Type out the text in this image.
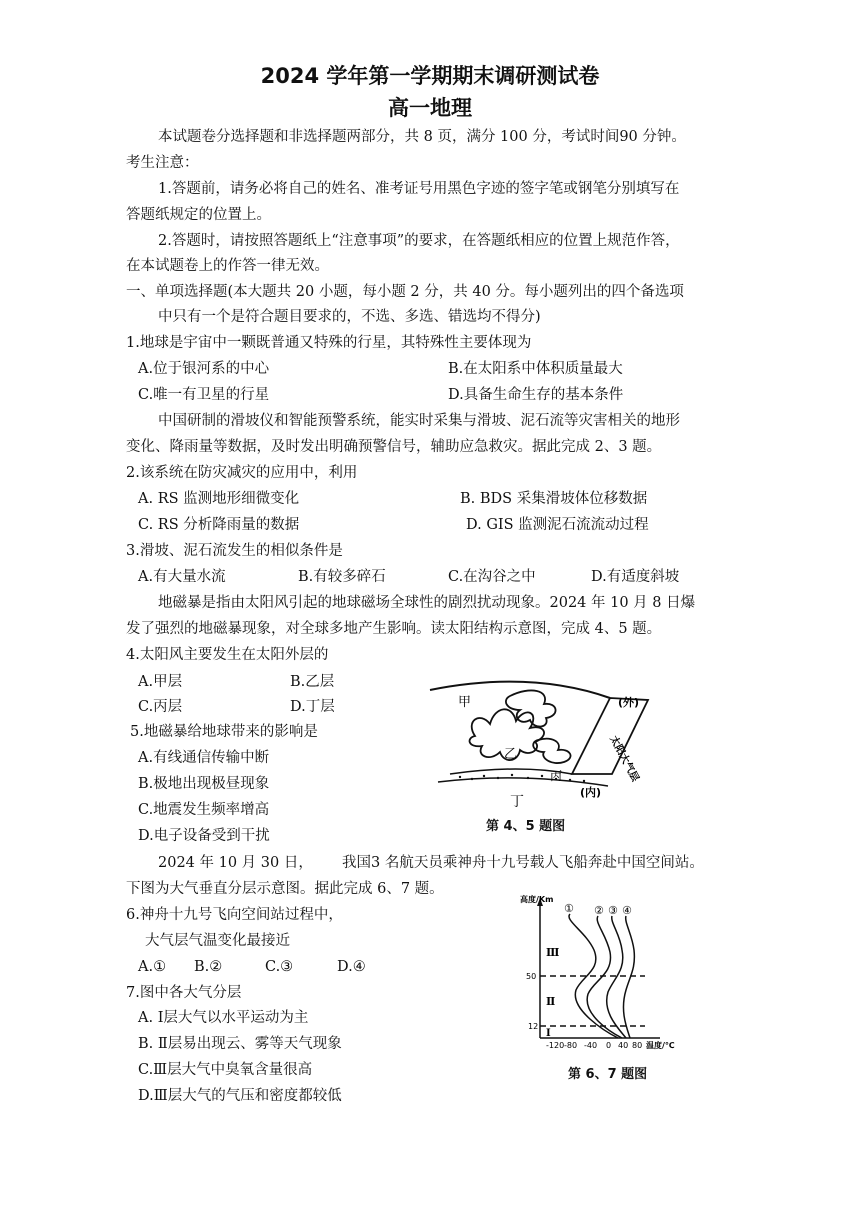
2024 学年第一学期期末调研测试卷
高一地理
本试题卷分选择题和非选择题两部分，共 8 页，满分 100 分，考试时间90 分钟。
考生注意：
1.答题前，请务必将自己的姓名、准考证号用黑色字迹的签字笔或钢笔分别填写在
答题纸规定的位置上。
2.答题时，请按照答题纸上“注意事项”的要求，在答题纸相应的位置上规范作答，
在本试题卷上的作答一律无效。
一、单项选择题(本大题共 20 小题，每小题 2 分，共 40 分。每小题列出的四个备选项
中只有一个是符合题目要求的，不选、多选、错选均不得分)
1.地球是宇宙中一颗既普通又特殊的行星，其特殊性主要体现为
A.位于银河系的中心	B.在太阳系中体积质量最大
C.唯一有卫星的行星	D.具备生命生存的基本条件
中国研制的滑坡仪和智能预警系统，能实时采集与滑坡、泥石流等灾害相关的地形
变化、降雨量等数据，及时发出明确预警信号，辅助应急救灾。据此完成 2、3 题。
2.该系统在防灾减灾的应用中，利用
A. RS 监测地形细微变化	B. BDS 采集滑坡体位移数据
C. RS 分析降雨量的数据	D. GIS 监测泥石流流动过程
3.滑坡、泥石流发生的相似条件是
A.有大量水流	B.有较多碎石	C.在沟谷之中	D.有适度斜坡
地磁暴是指由太阳风引起的地球磁场全球性的剧烈扰动现象。2024 年 10 月 8 日爆
发了强烈的地磁暴现象，对全球多地产生影响。读太阳结构示意图，完成 4、5 题。
4.太阳风主要发生在太阳外层的
A.甲层	B.乙层
C.丙层	D.丁层
5.地磁暴给地球带来的影响是
A.有线通信传输中断
B.极地出现极昼现象
C.地震发生频率增高
D.电子设备受到干扰
甲
乙
丙
丁
(外)
(内)
太阳大气层
第 4、5 题图
2024 年 10 月 30 日， 我国3 名航天员乘神舟十九号载人飞船奔赴中国空间站。
下图为大气垂直分层示意图。据此完成 6、7 题。
6.神舟十九号飞向空间站过程中，
大气层气温变化最接近
A.① B.②	C.③	D.④
7.图中各大气分层
A. Ⅰ层大气以水平运动为主
B. Ⅱ层易出现云、雾等天气现象
C.Ⅲ层大气中臭氧含量很高
D.Ⅲ层大气的气压和密度都较低
① ② ③ ④
高度/Km
温度/℃
50
12
-120 -80 -40 0 40 80
Ⅲ
Ⅱ
Ⅰ
第 6、7 题图
